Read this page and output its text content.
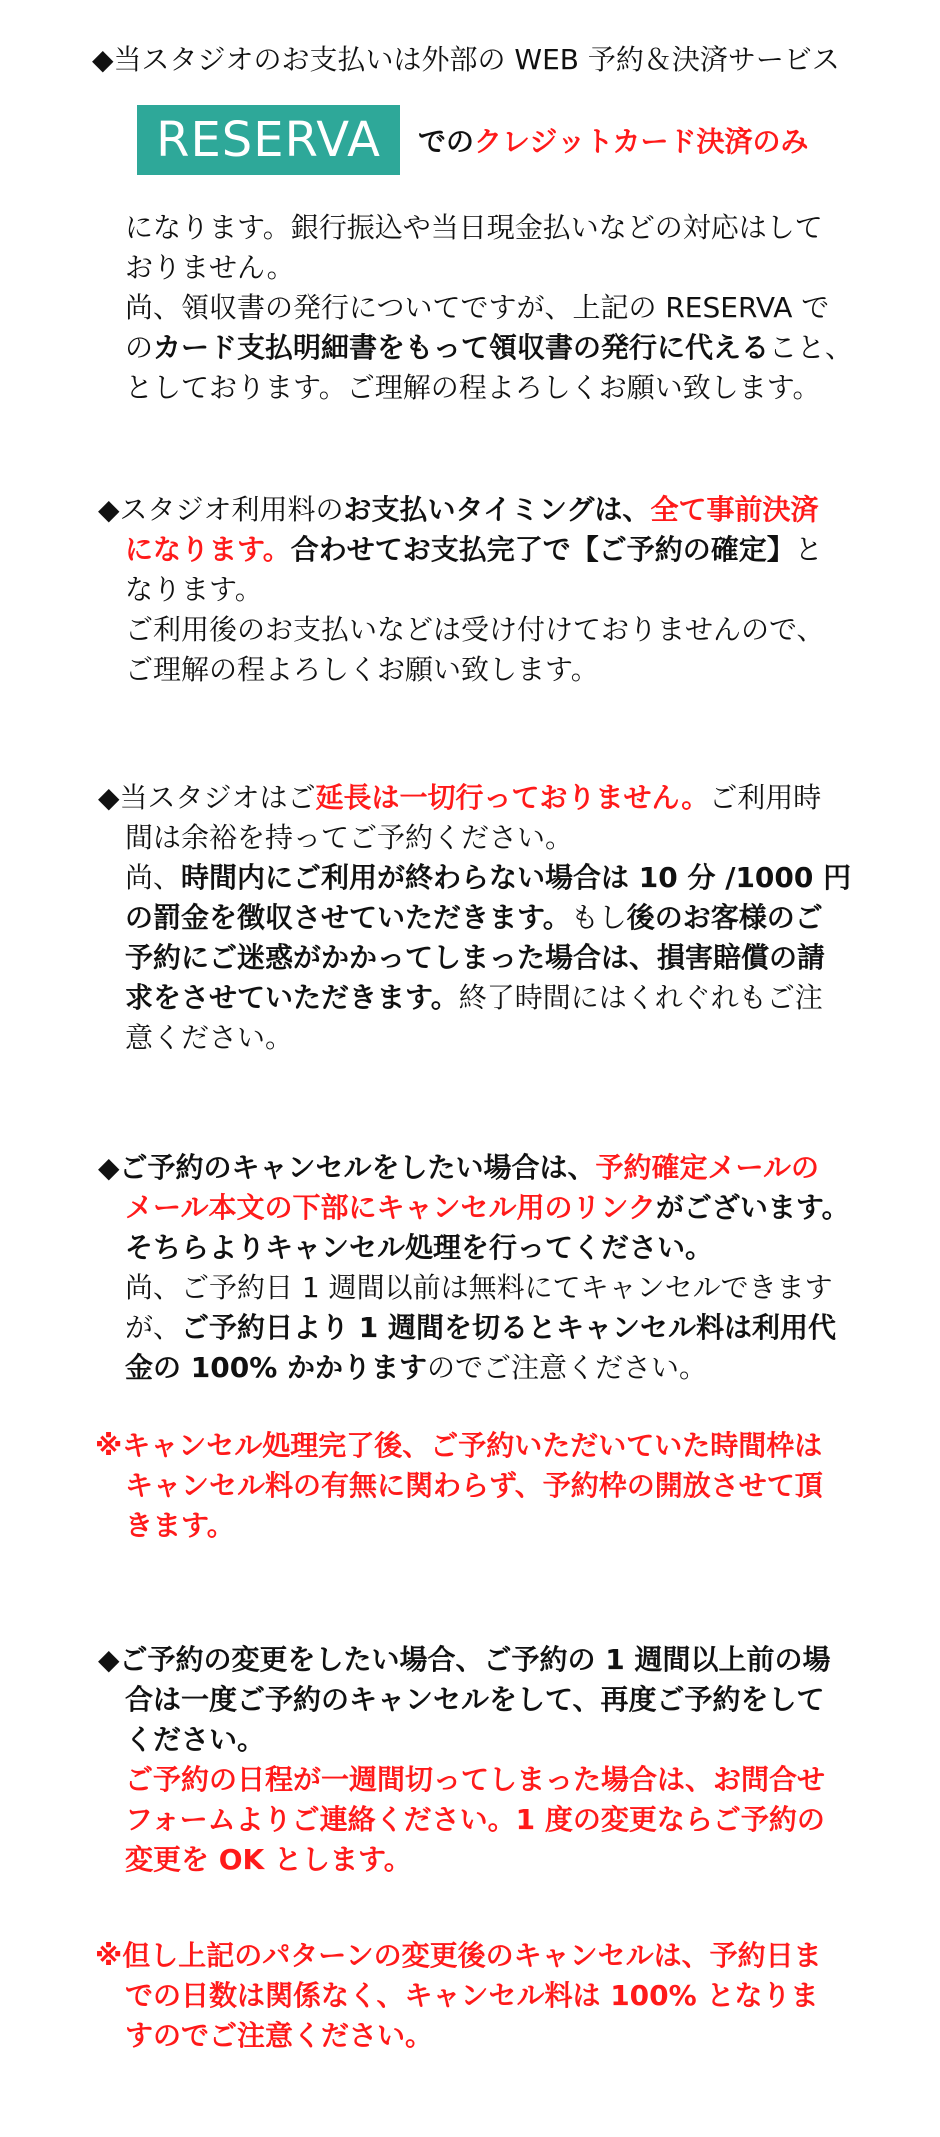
◆当スタジオのお支払いは外部の WEB 予約＆決済サービス
RESERVA	でのクレジットカード決済のみ
になります。銀行振込や当日現金払いなどの対応はして
おりません。
尚、領収書の発行についてですが、上記の RESERVA で
のカード支払明細書をもって領収書の発行に代えること、
としております。ご理解の程よろしくお願い致します。
◆スタジオ利用料のお支払いタイミングは、全て事前決済
になります。合わせてお支払完了で【ご予約の確定】と
なります。
ご利用後のお支払いなどは受け付けておりませんので、
ご理解の程よろしくお願い致します。
◆当スタジオはご延長は一切行っておりません。ご利用時
間は余裕を持ってご予約ください。
尚、時間内にご利用が終わらない場合は 10 分 /1000 円
の罰金を徴収させていただきます。もし後のお客様のご
予約にご迷惑がかかってしまった場合は、損害賠償の請
求をさせていただきます。終了時間にはくれぐれもご注
意ください。
◆ご予約のキャンセルをしたい場合は、予約確定メールの
メール本文の下部にキャンセル用のリンクがございます。
そちらよりキャンセル処理を行ってください。
尚、ご予約日 1 週間以前は無料にてキャンセルできます
が、ご予約日より 1 週間を切るとキャンセル料は利用代
金の 100% かかりますのでご注意ください。
※キャンセル処理完了後、ご予約いただいていた時間枠は
キャンセル料の有無に関わらず、予約枠の開放させて頂
きます。
◆ご予約の変更をしたい場合、ご予約の 1 週間以上前の場
合は一度ご予約のキャンセルをして、再度ご予約をして
ください。
ご予約の日程が一週間切ってしまった場合は、お問合せ
フォームよりご連絡ください。1 度の変更ならご予約の
変更を OK とします。
※但し上記のパターンの変更後のキャンセルは、予約日ま
での日数は関係なく、キャンセル料は 100% となりま
すのでご注意ください。
